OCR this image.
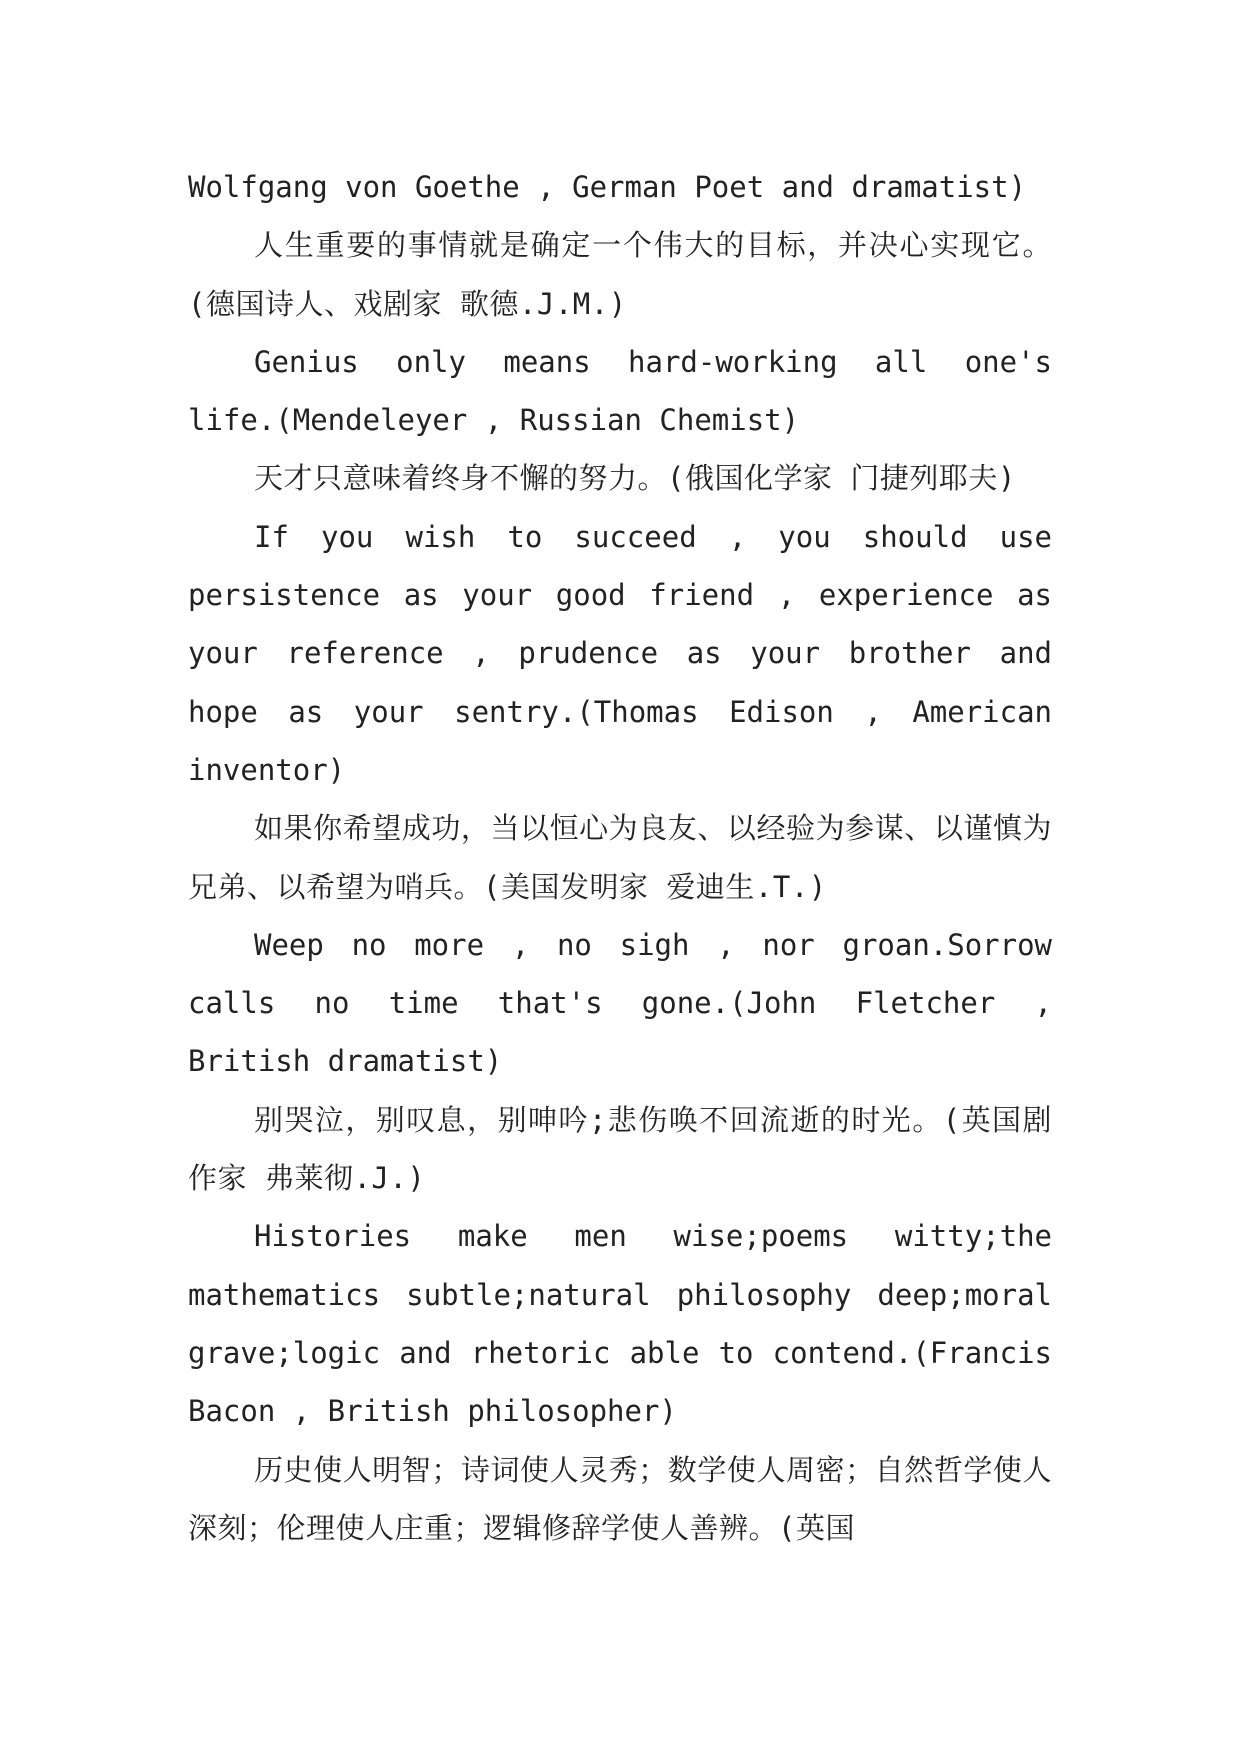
Wolfgang von Goethe , German Poet and dramatist)

人生重要的事情就是确定一个伟大的目标，并决心实现它。(德国诗人、戏剧家 歌德.J.M.)

Genius only means hard-working all one's life.(Mendeleyer , Russian Chemist)

天才只意味着终身不懈的努力。(俄国化学家 门捷列耶夫)

If you wish to succeed , you should use persistence as your good friend , experience as your reference , prudence as your brother and hope as your sentry.(Thomas Edison , American inventor)

如果你希望成功，当以恒心为良友、以经验为参谋、以谨慎为兄弟、以希望为哨兵。(美国发明家 爱迪生.T.)

Weep no more , no sigh , nor groan.Sorrow calls no time that's gone.(John Fletcher , British dramatist)

别哭泣，别叹息，别呻吟;悲伤唤不回流逝的时光。(英国剧作家 弗莱彻.J.)

Histories make men wise;poems witty;the mathematics subtle;natural philosophy deep;moral grave;logic and rhetoric able to contend.(Francis Bacon , British philosopher)

历史使人明智；诗词使人灵秀；数学使人周密；自然哲学使人深刻；伦理使人庄重；逻辑修辞学使人善辨。(英国
